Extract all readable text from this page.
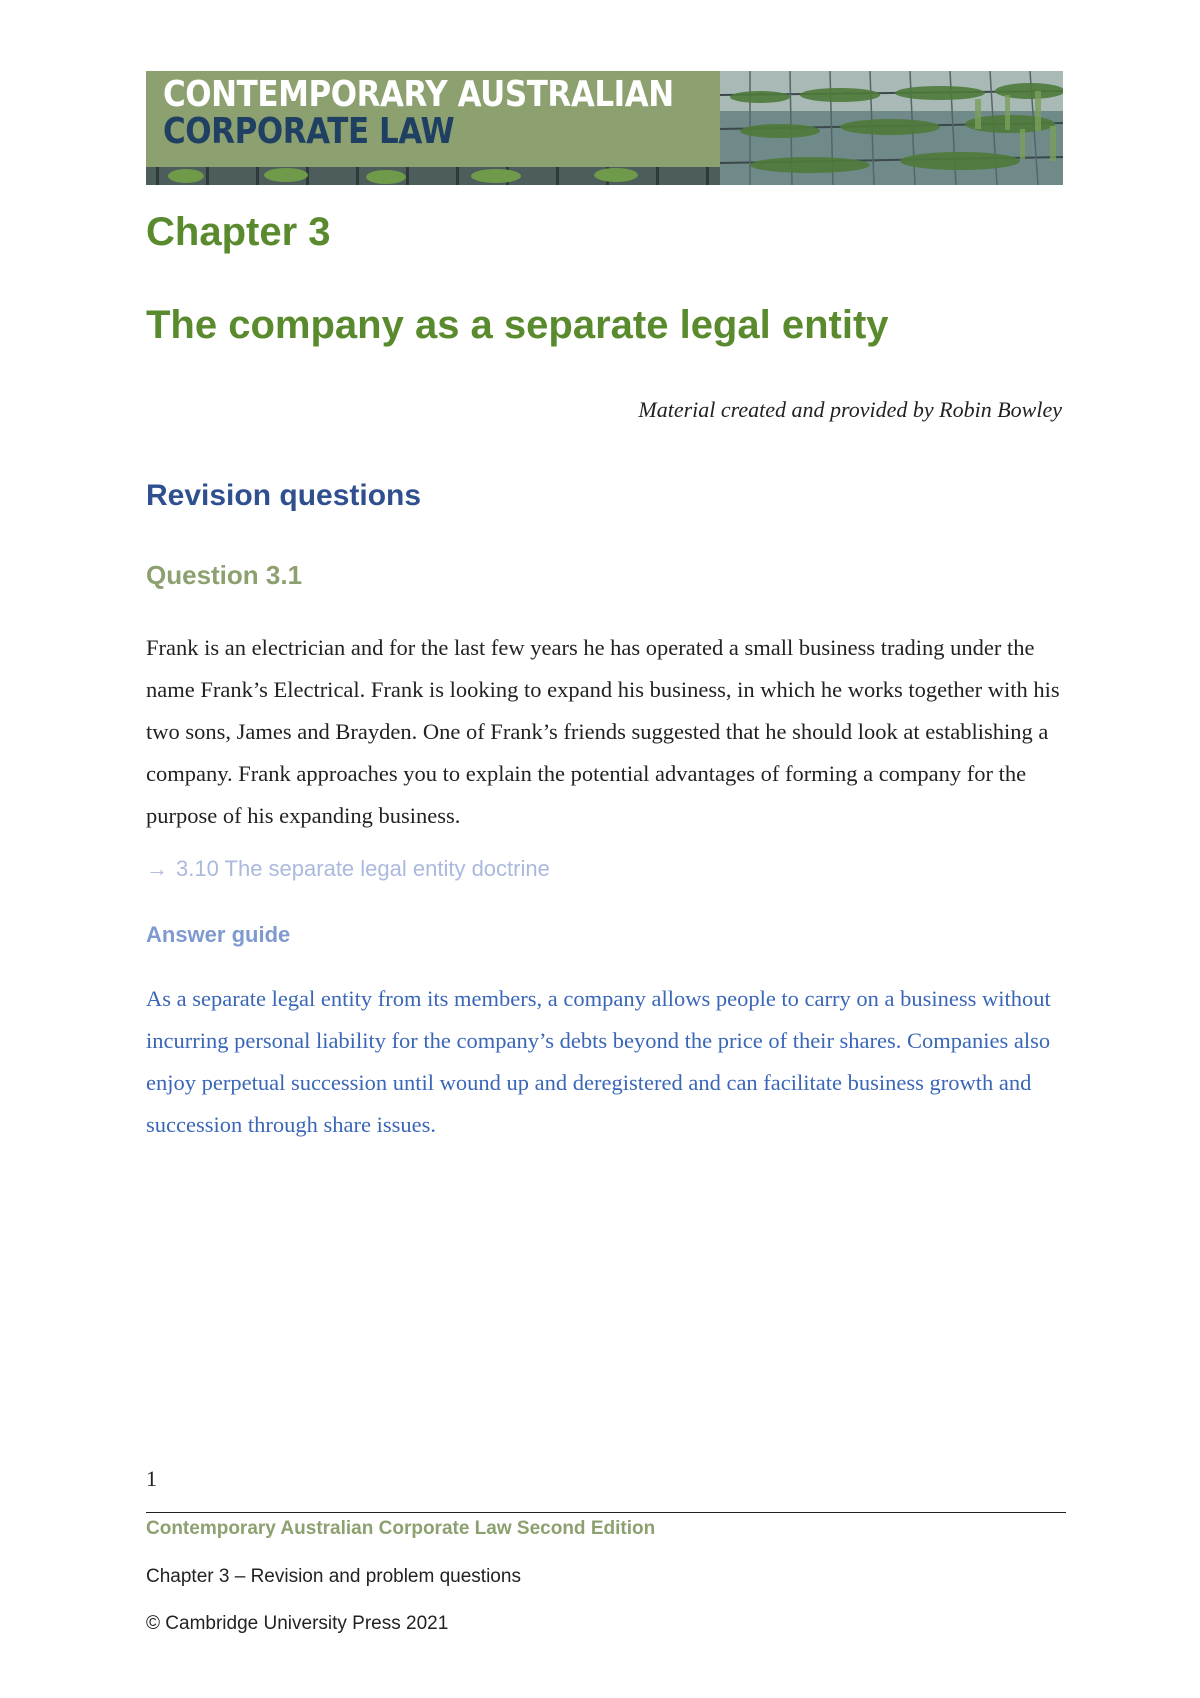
CONTEMPORARY AUSTRALIAN
CORPORATE LAW
Chapter 3
The company as a separate legal entity
Material created and provided by Robin Bowley
Revision questions
Question 3.1

Frank is an electrician and for the last few years he has operated a small business trading under the name Frank’s Electrical. Frank is looking to expand his business, in which he works together with his two sons, James and Brayden. One of Frank’s friends suggested that he should look at establishing a company. Frank approaches you to explain the potential advantages of forming a company for the purpose of his expanding business.

→ 3.10 The separate legal entity doctrine
Answer guide

As a separate legal entity from its members, a company allows people to carry on a business without incurring personal liability for the company’s debts beyond the price of their shares. Companies also enjoy perpetual succession until wound up and deregistered and can facilitate business growth and succession through share issues.

1
Contemporary Australian Corporate Law Second Edition
Chapter 3 – Revision and problem questions
© Cambridge University Press 2021
